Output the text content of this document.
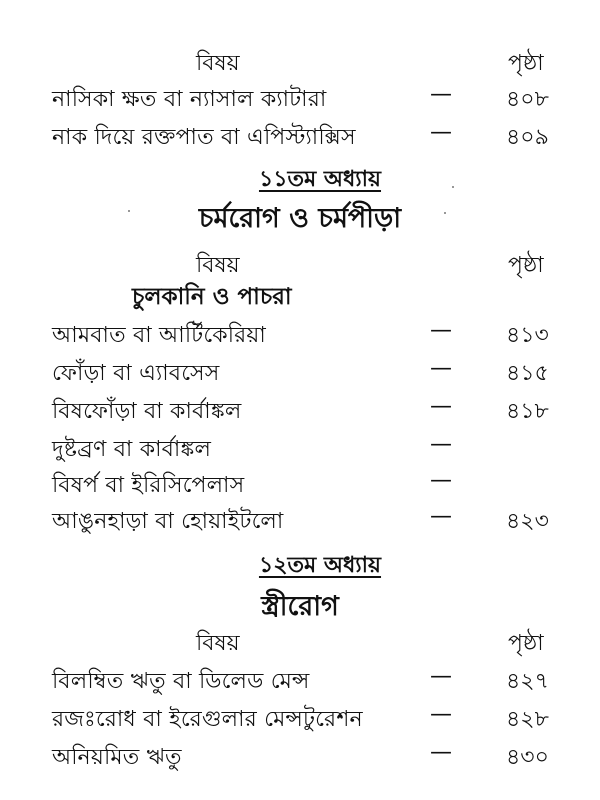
বিষয়	পৃষ্ঠা
নাসিকা ক্ষত বা ন্যাসাল ক্যাটারা	— ৪০৮
নাক দিয়ে রক্তপাত বা এপিস্ট্যাক্সিস	— ৪০৯
১১তম অধ্যায়
চর্মরোগ ও চর্মপীড়া
বিষয়	পৃষ্ঠা
চুলকানি ও পাচরা
আমবাত বা আর্টিকেরিয়া	— ৪১৩
ফোঁড়া বা এ্যাবসেস	— ৪১৫
বিষফোঁড়া বা কার্বাঙ্কল	— ৪১৮
দুষ্টব্রণ বা কার্বাঙ্কল	—
বিষর্প বা ইরিসিপেলাস	—
আঙুনহাড়া বা হোয়াইটলো	— ৪২৩
১২তম অধ্যায়
স্ত্রীরোগ
বিষয়	পৃষ্ঠা
বিলম্বিত ঋতু বা ডিলেড মেন্স	— ৪২৭
রজঃরোধ বা ইরেগুলার মেন্সটুরেশন	— ৪২৮
অনিয়মিত ঋতু	— ৪৩০
